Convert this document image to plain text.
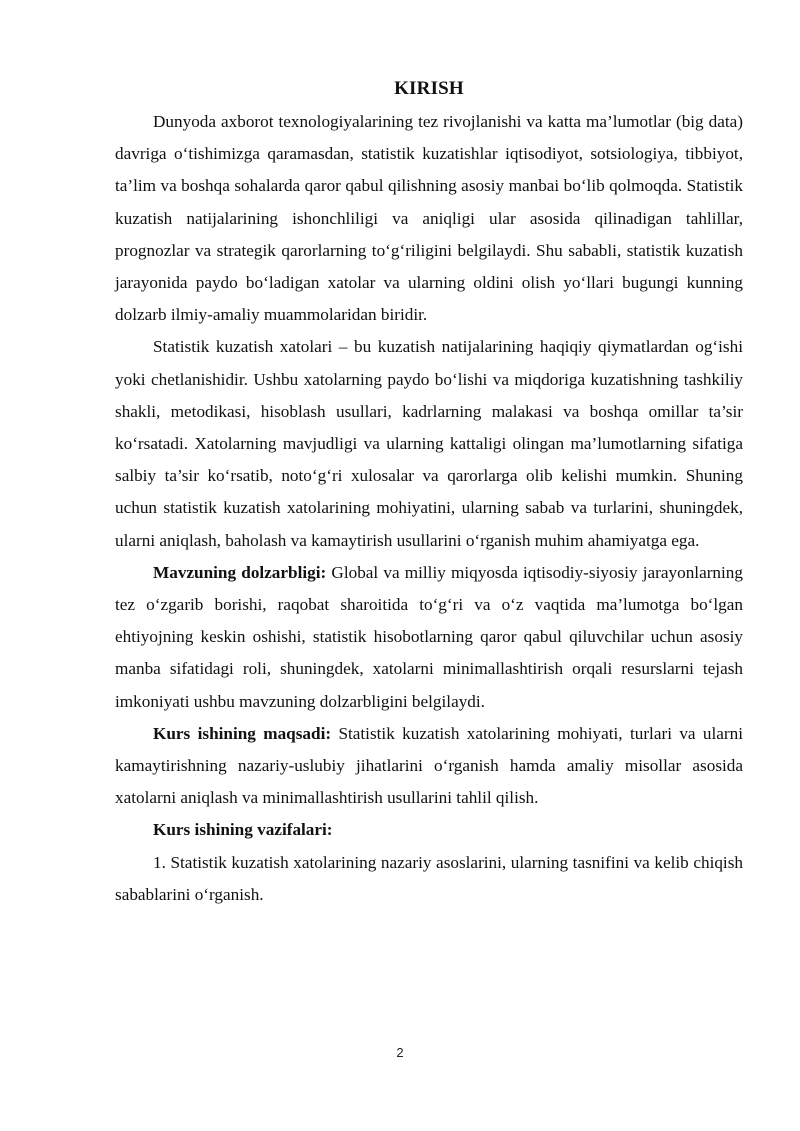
KIRISH

Dunyoda axborot texnologiyalarining tez rivojlanishi va katta ma’lumotlar (big data) davriga o‘tishimizga qaramasdan, statistik kuzatishlar iqtisodiyot, sotsiologiya, tibbiyot, ta’lim va boshqa sohalarda qaror qabul qilishning asosiy manbai bo‘lib qolmoqda. Statistik kuzatish natijalarining ishonchliligi va aniqligi ular asosida qilinadigan tahlillar, prognozlar va strategik qarorlarning to‘g‘riligini belgilaydi. Shu sababli, statistik kuzatish jarayonida paydo bo‘ladigan xatolar va ularning oldini olish yo‘llari bugungi kunning dolzarb ilmiy-amaliy muammolaridan biridir.

Statistik kuzatish xatolari – bu kuzatish natijalarining haqiqiy qiymatlardan og‘ishi yoki chetlanishidir. Ushbu xatolarning paydo bo‘lishi va miqdoriga kuzatishning tashkiliy shakli, metodikasi, hisoblash usullari, kadrlarning malakasi va boshqa omillar ta’sir ko‘rsatadi. Xatolarning mavjudligi va ularning kattaligi olingan ma’lumotlarning sifatiga salbiy ta’sir ko‘rsatib, noto‘g‘ri xulosalar va qarorlarga olib kelishi mumkin. Shuning uchun statistik kuzatish xatolarining mohiyatini, ularning sabab va turlarini, shuningdek, ularni aniqlash, baholash va kamaytirish usullarini o‘rganish muhim ahamiyatga ega.

Mavzuning dolzarbligi: Global va milliy miqyosda iqtisodiy-siyosiy jarayonlarning tez o‘zgarib borishi, raqobat sharoitida to‘g‘ri va o‘z vaqtida ma’lumotga bo‘lgan ehtiyojning keskin oshishi, statistik hisobotlarning qaror qabul qiluvchilar uchun asosiy manba sifatidagi roli, shuningdek, xatolarni minimallashtirish orqali resurslarni tejash imkoniyati ushbu mavzuning dolzarbligini belgilaydi.

Kurs ishining maqsadi: Statistik kuzatish xatolarining mohiyati, turlari va ularni kamaytirishning nazariy-uslubiy jihatlarini o‘rganish hamda amaliy misollar asosida xatolarni aniqlash va minimallashtirish usullarini tahlil qilish.

Kurs ishining vazifalari:

1. Statistik kuzatish xatolarining nazariy asoslarini, ularning tasnifini va kelib chiqish sabablarini o‘rganish.

2
